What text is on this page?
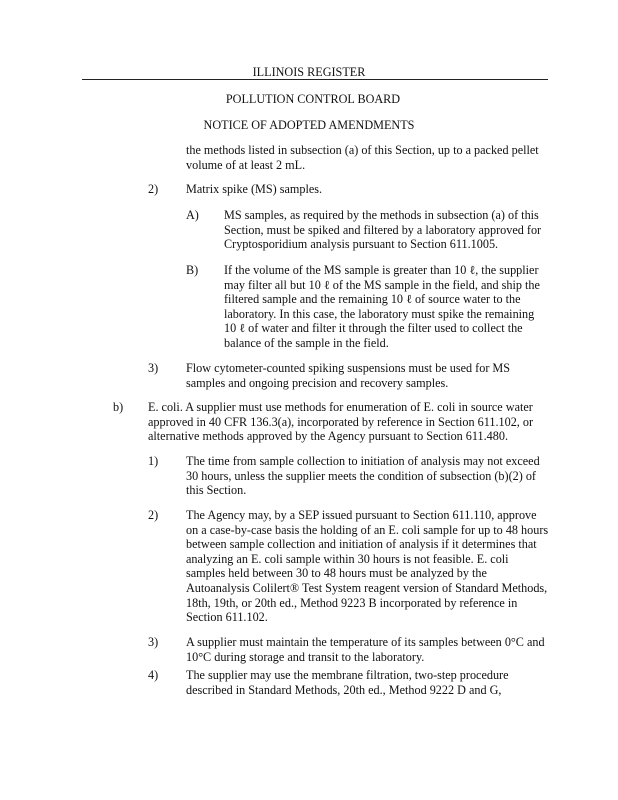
ILLINOIS REGISTER
POLLUTION CONTROL BOARD
NOTICE OF ADOPTED AMENDMENTS
the methods listed in subsection (a) of this Section, up to a packed pellet
volume of at least 2 mL.
2) Matrix spike (MS) samples.
A) MS samples, as required by the methods in subsection (a) of this
Section, must be spiked and filtered by a laboratory approved for
Cryptosporidium analysis pursuant to Section 611.1005.
B) If the volume of the MS sample is greater than 10 ℓ, the supplier
may filter all but 10 ℓ of the MS sample in the field, and ship the
filtered sample and the remaining 10 ℓ of source water to the
laboratory. In this case, the laboratory must spike the remaining
10 ℓ of water and filter it through the filter used to collect the
balance of the sample in the field.
3) Flow cytometer-counted spiking suspensions must be used for MS
samples and ongoing precision and recovery samples.
b) E. coli. A supplier must use methods for enumeration of E. coli in source water
approved in 40 CFR 136.3(a), incorporated by reference in Section 611.102, or
alternative methods approved by the Agency pursuant to Section 611.480.
1) The time from sample collection to initiation of analysis may not exceed
30 hours, unless the supplier meets the condition of subsection (b)(2) of
this Section.
2) The Agency may, by a SEP issued pursuant to Section 611.110, approve
on a case-by-case basis the holding of an E. coli sample for up to 48 hours
between sample collection and initiation of analysis if it determines that
analyzing an E. coli sample within 30 hours is not feasible. E. coli
samples held between 30 to 48 hours must be analyzed by the
Autoanalysis Colilert® Test System reagent version of Standard Methods,
18th, 19th, or 20th ed., Method 9223 B incorporated by reference in
Section 611.102.
3) A supplier must maintain the temperature of its samples between 0°C and
10°C during storage and transit to the laboratory.
4) The supplier may use the membrane filtration, two-step procedure
described in Standard Methods, 20th ed., Method 9222 D and G,
